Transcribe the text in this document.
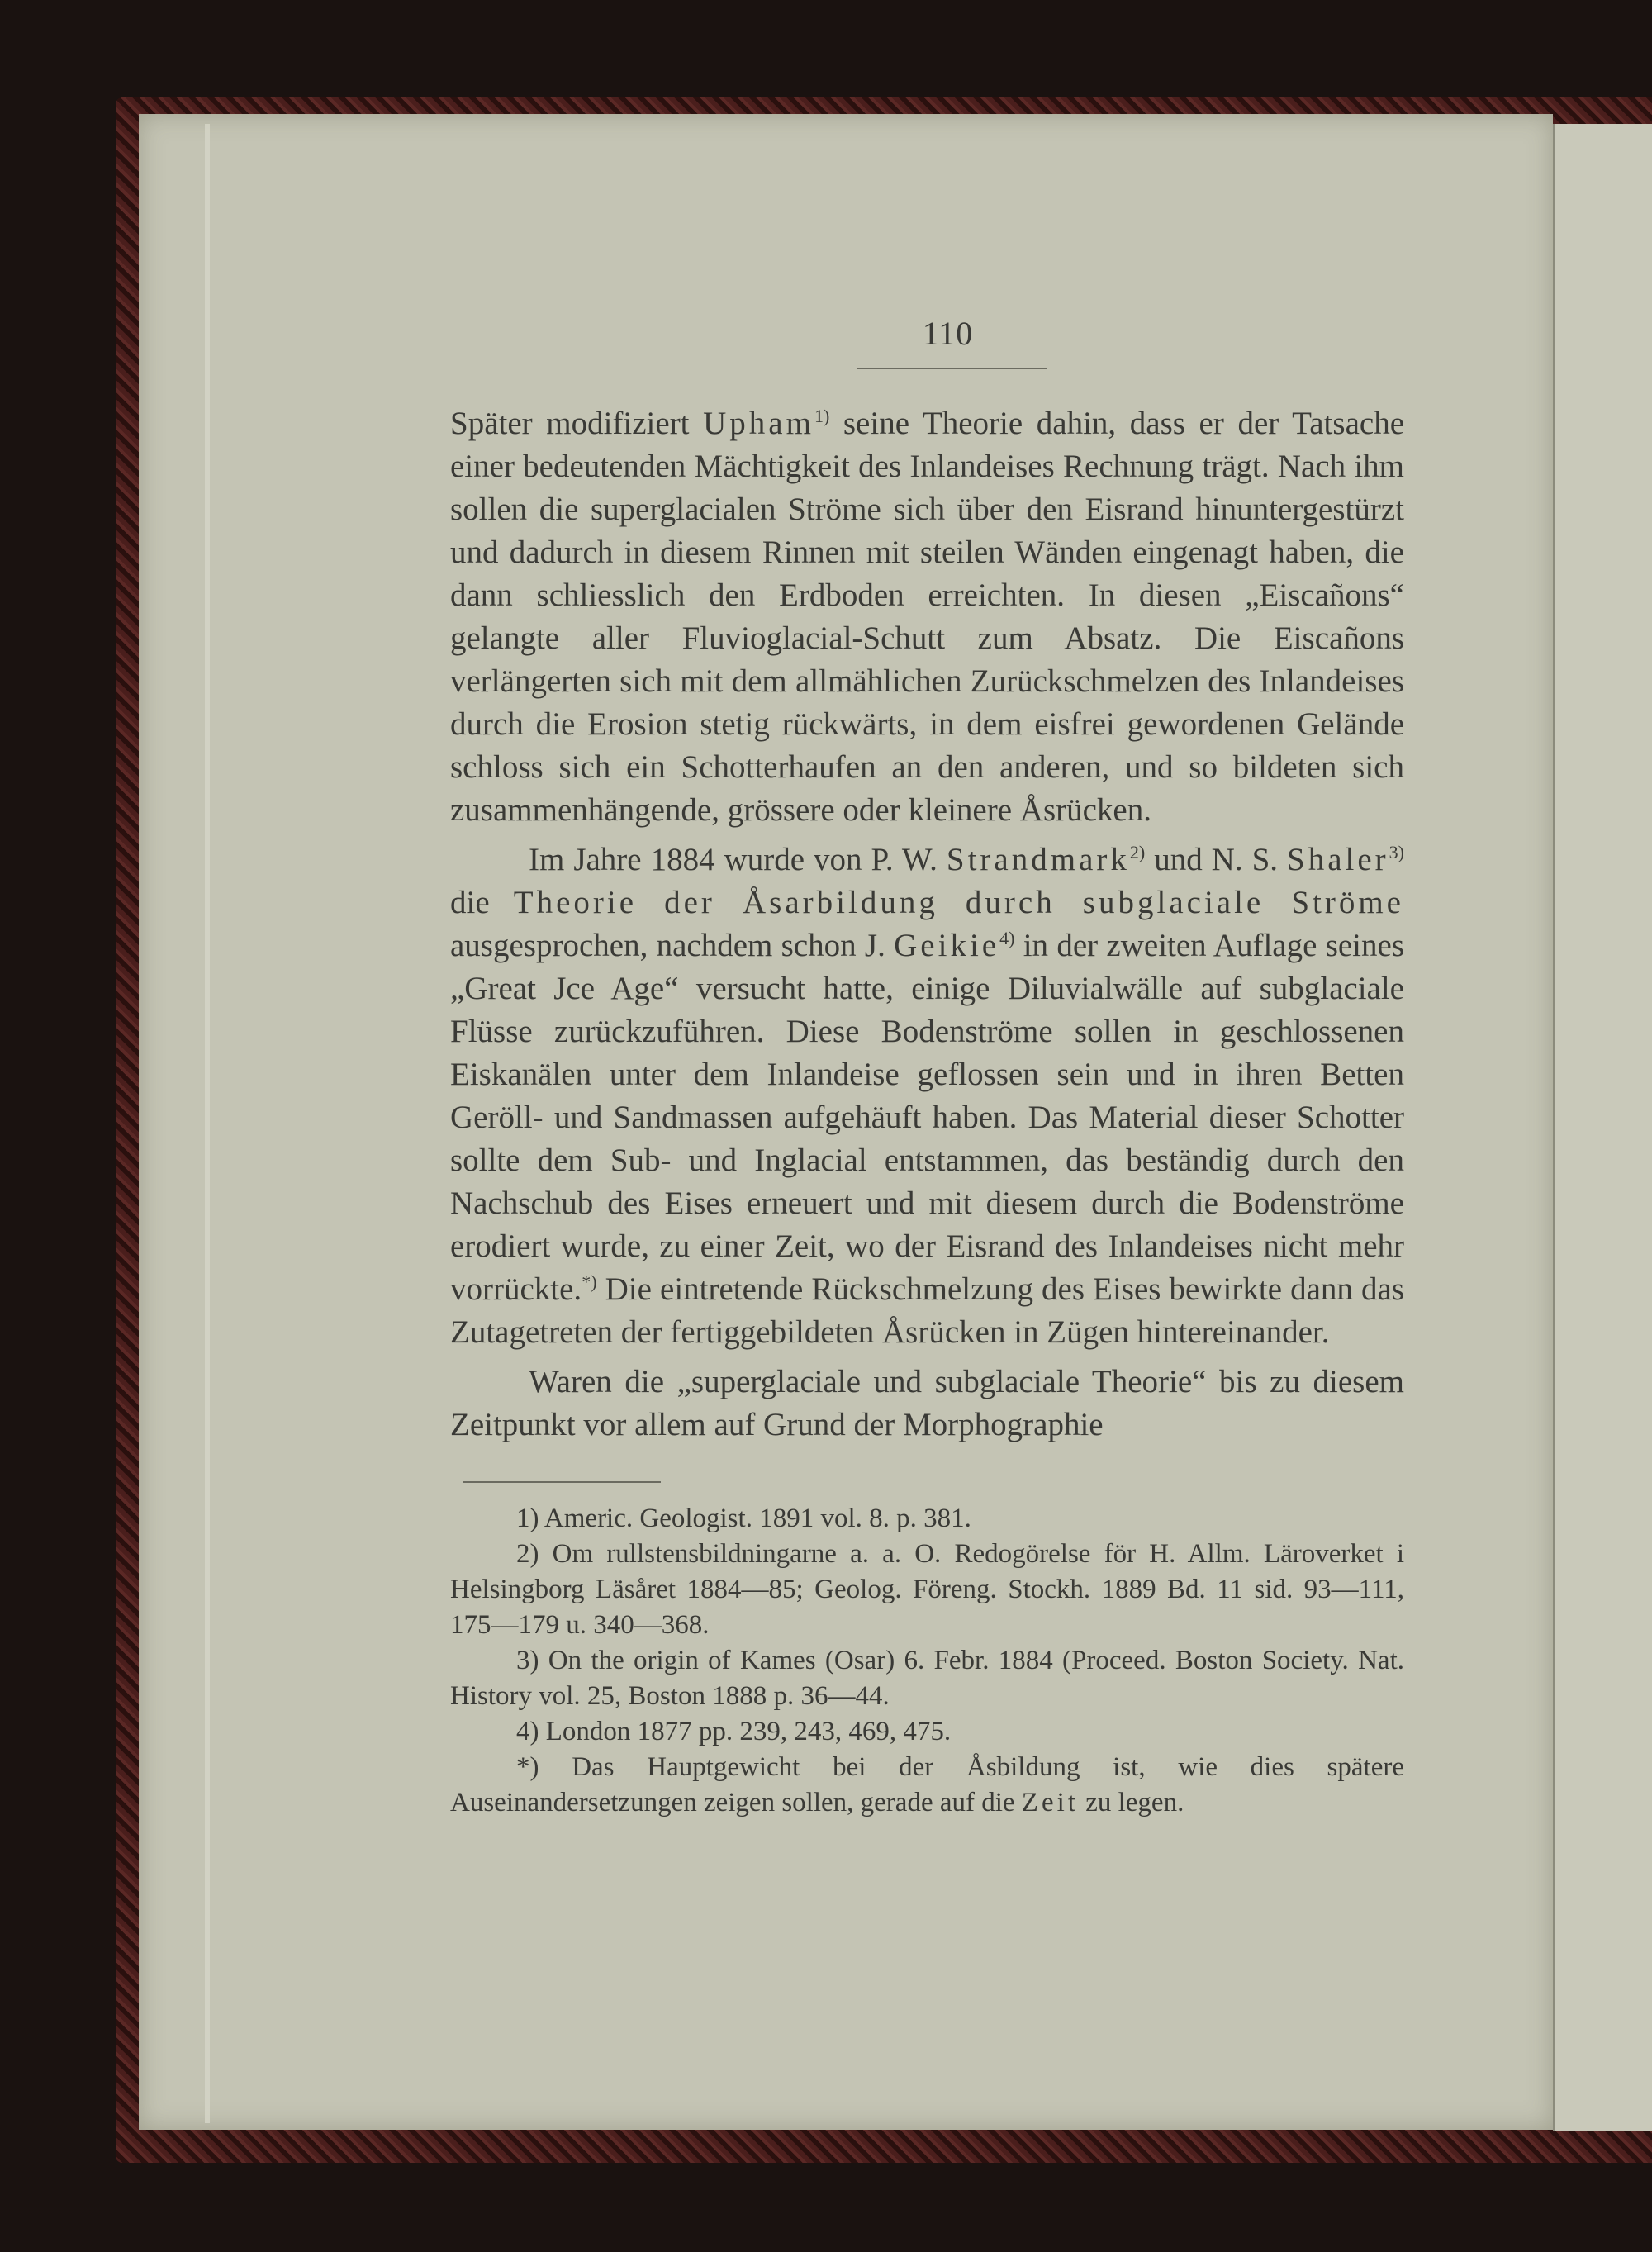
110

Später modifiziert Upham$^{1)}$ seine Theorie dahin, dass er der Tatsache einer bedeutenden Mächtigkeit des Inlandeises Rechnung trägt. Nach ihm sollen die superglacialen Ströme sich über den Eisrand hinuntergestürzt und dadurch in diesem Rinnen mit steilen Wänden eingenagt haben, die dann schliesslich den Erdboden erreichten. In diesen „Eiscañons“ gelangte aller Fluvioglacial-Schutt zum Absatz. Die Eiscañons verlängerten sich mit dem allmählichen Zurückschmelzen des Inlandeises durch die Erosion stetig rückwärts, in dem eisfrei gewordenen Gelände schloss sich ein Schotterhaufen an den anderen, und so bildeten sich zusammenhängende, grössere oder kleinere Åsrücken.

Im Jahre 1884 wurde von P. W. Strandmark$^{2)}$ und N. S. Shaler$^{3)}$ die Theorie der Åsarbildung durch subglaciale Ströme ausgesprochen, nachdem schon J. Geikie$^{4)}$ in der zweiten Auflage seines „Great Jce Age“ versucht hatte, einige Diluvialwälle auf subglaciale Flüsse zurückzuführen. Diese Bodenströme sollen in geschlossenen Eiskanälen unter dem Inlandeise geflossen sein und in ihren Betten Geröll- und Sandmassen aufgehäuft haben. Das Material dieser Schotter sollte dem Sub- und Inglacial entstammen, das beständig durch den Nachschub des Eises erneuert und mit diesem durch die Bodenströme erodiert wurde, zu einer Zeit, wo der Eisrand des Inlandeises nicht mehr vorrückte.*) Die eintretende Rückschmelzung des Eises bewirkte dann das Zutagetreten der fertiggebildeten Åsrücken in Zügen hintereinander.

Waren die „superglaciale und subglaciale Theorie“ bis zu diesem Zeitpunkt vor allem auf Grund der Morphographie

1) Americ. Geologist. 1891 vol. 8. p. 381.

2) Om rullstensbildningarne a. a. O. Redogörelse för H. Allm. Läroverket i Helsingborg Läsåret 1884—85; Geolog. Föreng. Stockh. 1889 Bd. 11 sid. 93—111, 175—179 u. 340—368.

3) On the origin of Kames (Osar) 6. Febr. 1884 (Proceed. Boston Society. Nat. History vol. 25, Boston 1888 p. 36—44.

4) London 1877 pp. 239, 243, 469, 475.

*) Das Hauptgewicht bei der Åsbildung ist, wie dies spätere Auseinandersetzungen zeigen sollen, gerade auf die Zeit zu legen.
